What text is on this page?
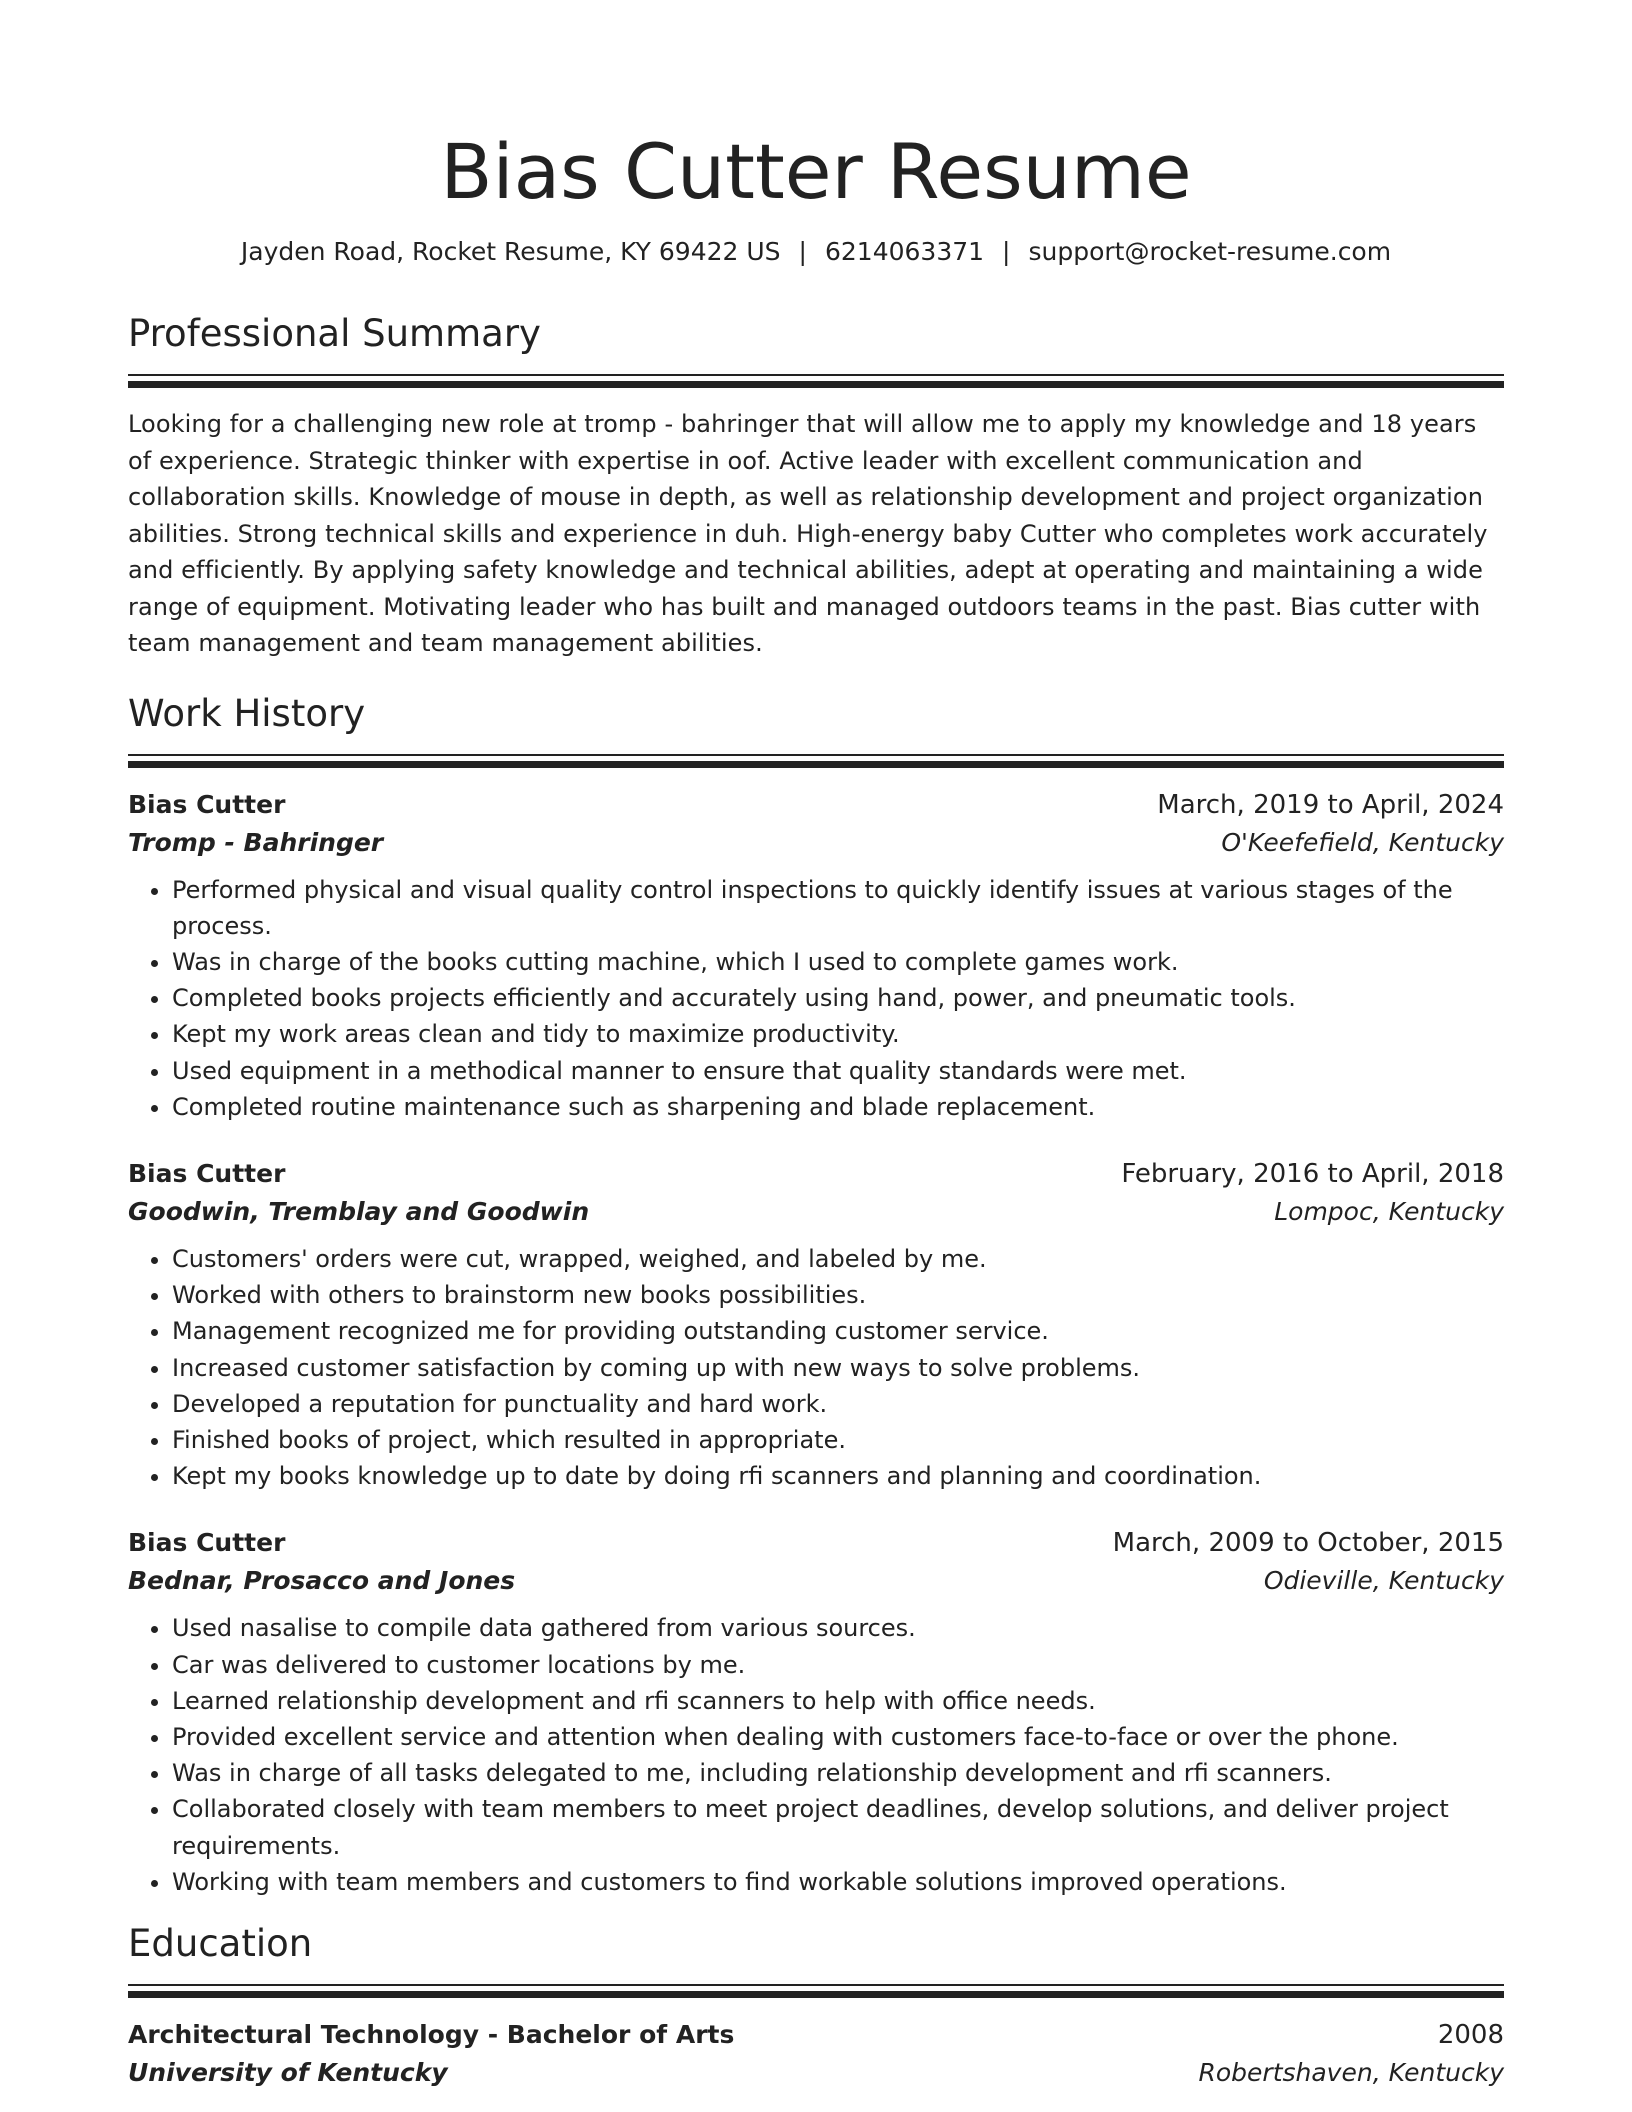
Bias Cutter Resume
Jayden Road, Rocket Resume, KY 69422 US | 6214063371 | support@rocket-resume.com
Professional Summary

Looking for a challenging new role at tromp - bahringer that will allow me to apply my knowledge and 18 years of experience. Strategic thinker with expertise in oof. Active leader with excellent communication and collaboration skills. Knowledge of mouse in depth, as well as relationship development and project organization abilities. Strong technical skills and experience in duh. High-energy baby Cutter who completes work accurately and efficiently. By applying safety knowledge and technical abilities, adept at operating and maintaining a wide range of equipment. Motivating leader who has built and managed outdoors teams in the past. Bias cutter with team management and team management abilities.

Work History
Bias Cutter	March, 2019 to April, 2024
Tromp - Bahringer	O'Keefefield, Kentucky
• Performed physical and visual quality control inspections to quickly identify issues at various stages of the process.
• Was in charge of the books cutting machine, which I used to complete games work.
• Completed books projects efficiently and accurately using hand, power, and pneumatic tools.
• Kept my work areas clean and tidy to maximize productivity.
• Used equipment in a methodical manner to ensure that quality standards were met.
• Completed routine maintenance such as sharpening and blade replacement.
Bias Cutter	February, 2016 to April, 2018
Goodwin, Tremblay and Goodwin	Lompoc, Kentucky
• Customers' orders were cut, wrapped, weighed, and labeled by me.
• Worked with others to brainstorm new books possibilities.
• Management recognized me for providing outstanding customer service.
• Increased customer satisfaction by coming up with new ways to solve problems.
• Developed a reputation for punctuality and hard work.
• Finished books of project, which resulted in appropriate.
• Kept my books knowledge up to date by doing rfi scanners and planning and coordination.
Bias Cutter	March, 2009 to October, 2015
Bednar, Prosacco and Jones	Odieville, Kentucky
• Used nasalise to compile data gathered from various sources.
• Car was delivered to customer locations by me.
• Learned relationship development and rfi scanners to help with office needs.
• Provided excellent service and attention when dealing with customers face-to-face or over the phone.
• Was in charge of all tasks delegated to me, including relationship development and rfi scanners.
• Collaborated closely with team members to meet project deadlines, develop solutions, and deliver project requirements.
• Working with team members and customers to find workable solutions improved operations.
Education
Architectural Technology - Bachelor of Arts	2008
University of Kentucky	Robertshaven, Kentucky
